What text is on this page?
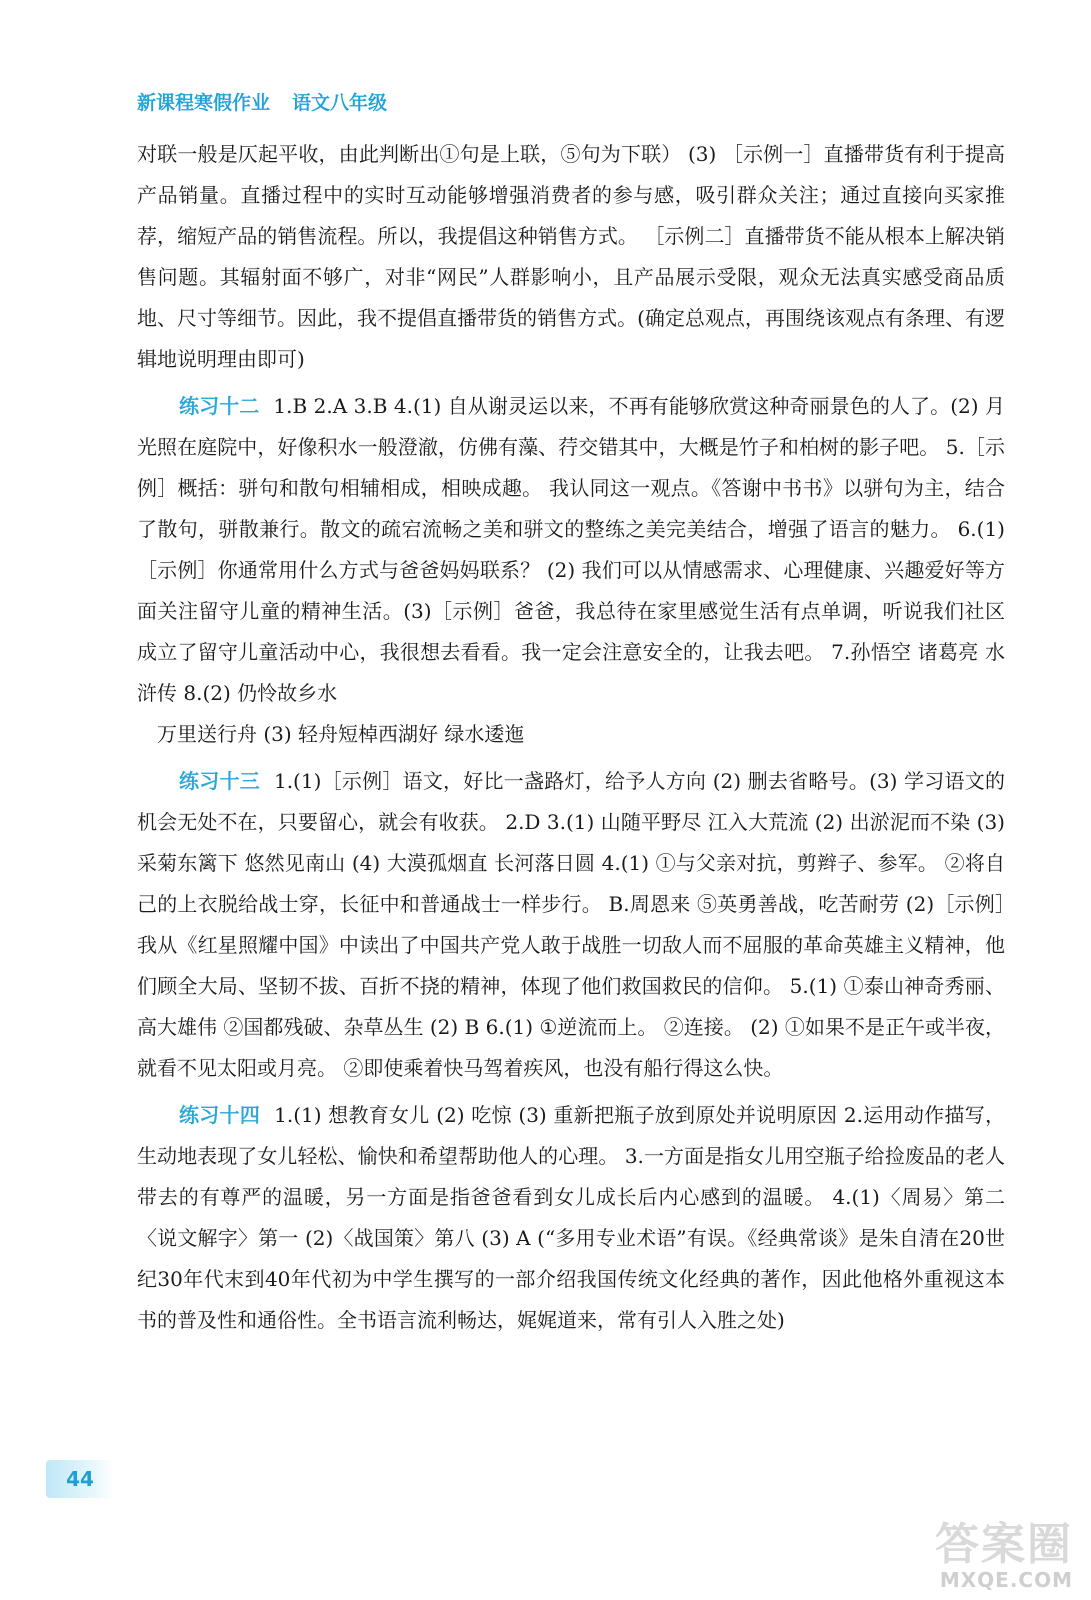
新课程寒假作业 语文八年级

对联一般是仄起平收，由此判断出①句是上联，⑤句为下联） (3) ［示例一］直播带货有利于提高产品销量。直播过程中的实时互动能够增强消费者的参与感，吸引群众关注；通过直接向买家推荐，缩短产品的销售流程。所以，我提倡这种销售方式。 ［示例二］直播带货不能从根本上解决销售问题。其辐射面不够广，对非“网民”人群影响小，且产品展示受限，观众无法真实感受商品质地、尺寸等细节。因此，我不提倡直播带货的销售方式。(确定总观点，再围绕该观点有条理、有逻辑地说明理由即可)

练习十二 1.B 2.A 3.B 4.(1) 自从谢灵运以来，不再有能够欣赏这种奇丽景色的人了。(2) 月光照在庭院中，好像积水一般澄澈，仿佛有藻、荇交错其中，大概是竹子和柏树的影子吧。 5.［示例］概括：骈句和散句相辅相成，相映成趣。 我认同这一观点。《答谢中书书》以骈句为主，结合了散句，骈散兼行。散文的疏宕流畅之美和骈文的整练之美完美结合，增强了语言的魅力。 6.(1)［示例］你通常用什么方式与爸爸妈妈联系？ (2) 我们可以从情感需求、心理健康、兴趣爱好等方面关注留守儿童的精神生活。(3)［示例］爸爸，我总待在家里感觉生活有点单调，听说我们社区成立了留守儿童活动中心，我很想去看看。我一定会注意安全的，让我去吧。 7.孙悟空 诸葛亮 水浒传 8.(2) 仍怜故乡水

万里送行舟 (3) 轻舟短棹西湖好 绿水逶迤

练习十三 1.(1)［示例］语文，好比一盏路灯，给予人方向 (2) 删去省略号。(3) 学习语文的机会无处不在，只要留心，就会有收获。 2.D 3.(1) 山随平野尽 江入大荒流 (2) 出淤泥而不染 (3) 采菊东篱下 悠然见南山 (4) 大漠孤烟直 长河落日圆 4.(1) ①与父亲对抗，剪辫子、参军。 ②将自己的上衣脱给战士穿，长征中和普通战士一样步行。 B.周恩来 ⑤英勇善战，吃苦耐劳 (2)［示例］我从《红星照耀中国》中读出了中国共产党人敢于战胜一切敌人而不屈服的革命英雄主义精神，他们顾全大局、坚韧不拔、百折不挠的精神，体现了他们救国救民的信仰。 5.(1) ①泰山神奇秀丽、高大雄伟 ②国都残破、杂草丛生 (2) B 6.(1) ①逆流而上。 ②连接。 (2) ①如果不是正午或半夜，就看不见太阳或月亮。 ②即使乘着快马驾着疾风，也没有船行得这么快。

练习十四 1.(1) 想教育女儿 (2) 吃惊 (3) 重新把瓶子放到原处并说明原因 2.运用动作描写，生动地表现了女儿轻松、愉快和希望帮助他人的心理。 3.一方面是指女儿用空瓶子给捡废品的老人带去的有尊严的温暖，另一方面是指爸爸看到女儿成长后内心感到的温暖。 4.(1)〈周易〉第二 〈说文解字〉第一 (2)〈战国策〉第八 (3) A (“多用专业术语”有误。《经典常谈》是朱自清在20世纪30年代末到40年代初为中学生撰写的一部介绍我国传统文化经典的著作，因此他格外重视这本书的普及性和通俗性。全书语言流利畅达，娓娓道来，常有引人入胜之处)

44
答案圈
MXQE.COM
